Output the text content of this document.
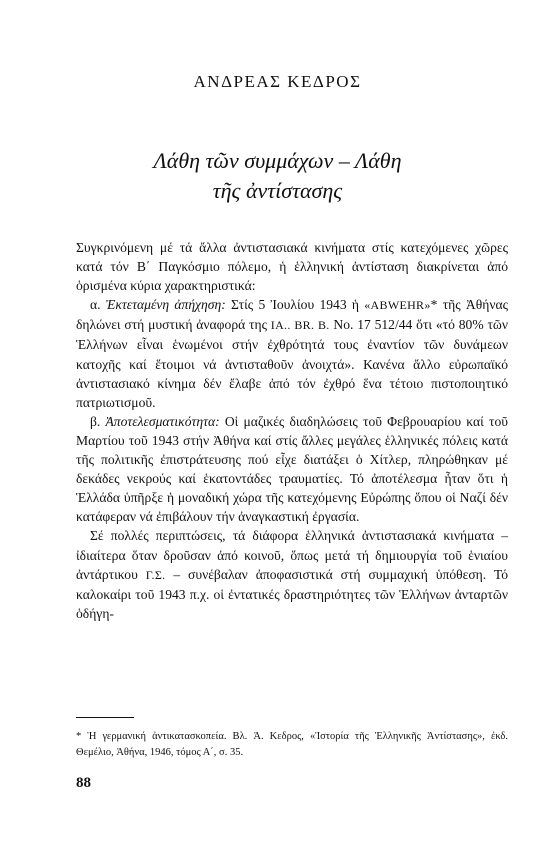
ΑΝΔΡΕΑΣ ΚΕΔΡΟΣ
Λάθη τῶν συμμάχων – Λάθη
τῆς ἀντίστασης

Συγκρινόμενη μέ τά ἄλλα ἀντιστασιακά κινήματα στίς κατεχόμενες χῶρες κατά τόν Β΄ Παγκόσμιο πόλεμο, ἡ ἑλληνική ἀντίσταση διακρίνεται ἀπό ὁρισμένα κύρια χαρακτηριστικά:

α. Ἐκτεταμένη ἀπήχηση: Στίς 5 Ἰουλίου 1943 ἡ «ABWEHR»* τῆς Ἀθήνας δηλώνει στή μυστική ἀναφορά της IA.. BR. B. No. 17 512/44 ὅτι «τό 80% τῶν Ἑλλήνων εἶναι ἑνωμένοι στήν ἐχθρότητά τους ἐναντίον τῶν δυνάμεων κατοχῆς καί ἕτοιμοι νά ἀντισταθοῦν ἀνοιχτά». Κανένα ἄλλο εὐρωπαϊκό ἀντιστασιακό κίνημα δέν ἔλαβε ἀπό τόν ἐχθρό ἕνα τέτοιο πιστοποιητικό πατριωτισμοῦ.

β. Ἀποτελεσματικότητα: Οἱ μαζικές διαδηλώσεις τοῦ Φεβρουαρίου καί τοῦ Μαρτίου τοῦ 1943 στήν Ἀθήνα καί στίς ἄλλες μεγάλες ἑλληνικές πόλεις κατά τῆς πολιτικῆς ἐπιστράτευσης πού εἶχε διατάξει ὁ Χίτλερ, πληρώθηκαν μέ δεκάδες νεκρούς καί ἑκατοντάδες τραυματίες. Τό ἀποτέλεσμα ἦταν ὅτι ἡ Ἑλλάδα ὑπῆρξε ἡ μοναδική χώρα τῆς κατεχόμενης Εὐρώπης ὅπου οἱ Ναζί δέν κατάφεραν νά ἐπιβάλουν τήν ἀναγκαστική ἐργασία.

Σέ πολλές περιπτώσεις, τά διάφορα ἑλληνικά ἀντιστασιακά κινήματα – ἰδιαίτερα ὅταν δροῦσαν ἀπό κοινοῦ, ὅπως μετά τή δημιουργία τοῦ ἑνιαίου ἀντάρτικου Γ.Σ. – συνέβαλαν ἀποφασιστικά στή συμμαχική ὑπόθεση. Τό καλοκαίρι τοῦ 1943 π.χ. οἱ ἐντατικές δραστηριότητες τῶν Ἑλλήνων ἀνταρτῶν ὁδήγη-

* Ἡ γερμανική ἀντικατασκοπεία. Βλ. Ἀ. Κεδρος, «Ἱστορία τῆς Ἑλληνικῆς Ἀντίστασης», ἐκδ. Θεμέλιο, Ἀθήνα, 1946, τόμος Α΄, σ. 35.
88
